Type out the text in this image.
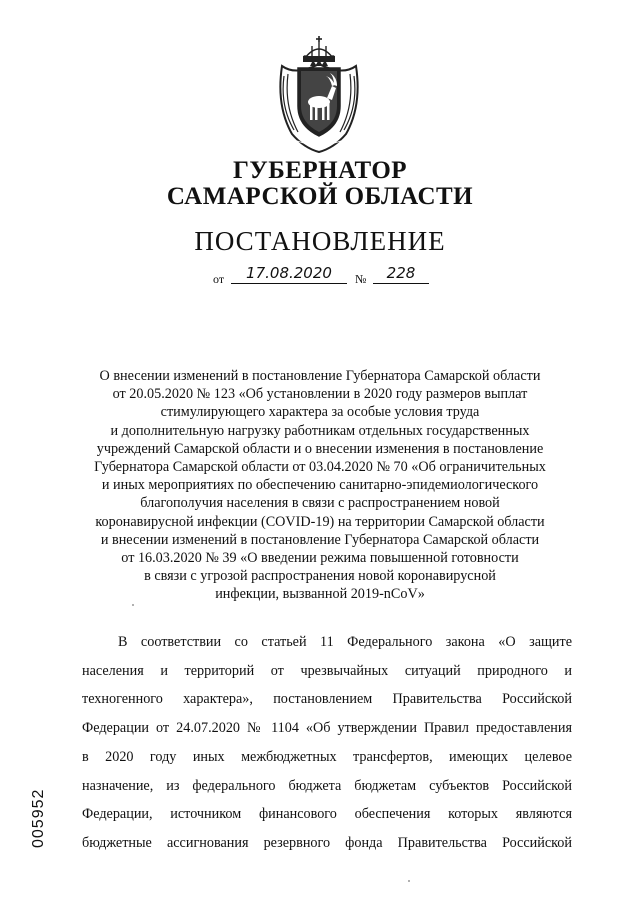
ГУБЕРНАТОР
САМАРСКОЙ ОБЛАСТИ
ПОСТАНОВЛЕНИЕ
от	17.08.2020	№	228
О внесении изменений в постановление Губернатора Самарской области
от 20.05.2020 № 123 «Об установлении в 2020 году размеров выплат
стимулирующего характера за особые условия труда
и дополнительную нагрузку работникам отдельных государственных
учреждений Самарской области и о внесении изменения в постановление
Губернатора Самарской области от 03.04.2020 № 70 «Об ограничительных
и иных мероприятиях по обеспечению санитарно-эпидемиологического
благополучия населения в связи с распространением новой
коронавирусной инфекции (COVID-19) на территории Самарской области
и внесении изменений в постановление Губернатора Самарской области
от 16.03.2020 № 39 «О введении режима повышенной готовности
в связи с угрозой распространения новой коронавирусной
инфекции, вызванной 2019-nCoV»
В соответствии со статьей 11 Федерального закона «О защите
населения и территорий от чрезвычайных ситуаций природного и
техногенного характера», постановлением Правительства Российской
Федерации от 24.07.2020 № 1104 «Об утверждении Правил предоставления
в 2020 году иных межбюджетных трансфертов, имеющих целевое
назначение, из федерального бюджета бюджетам субъектов Российской
Федерации, источником финансового обеспечения которых являются
бюджетные ассигнования резервного фонда Правительства Российской
005952
